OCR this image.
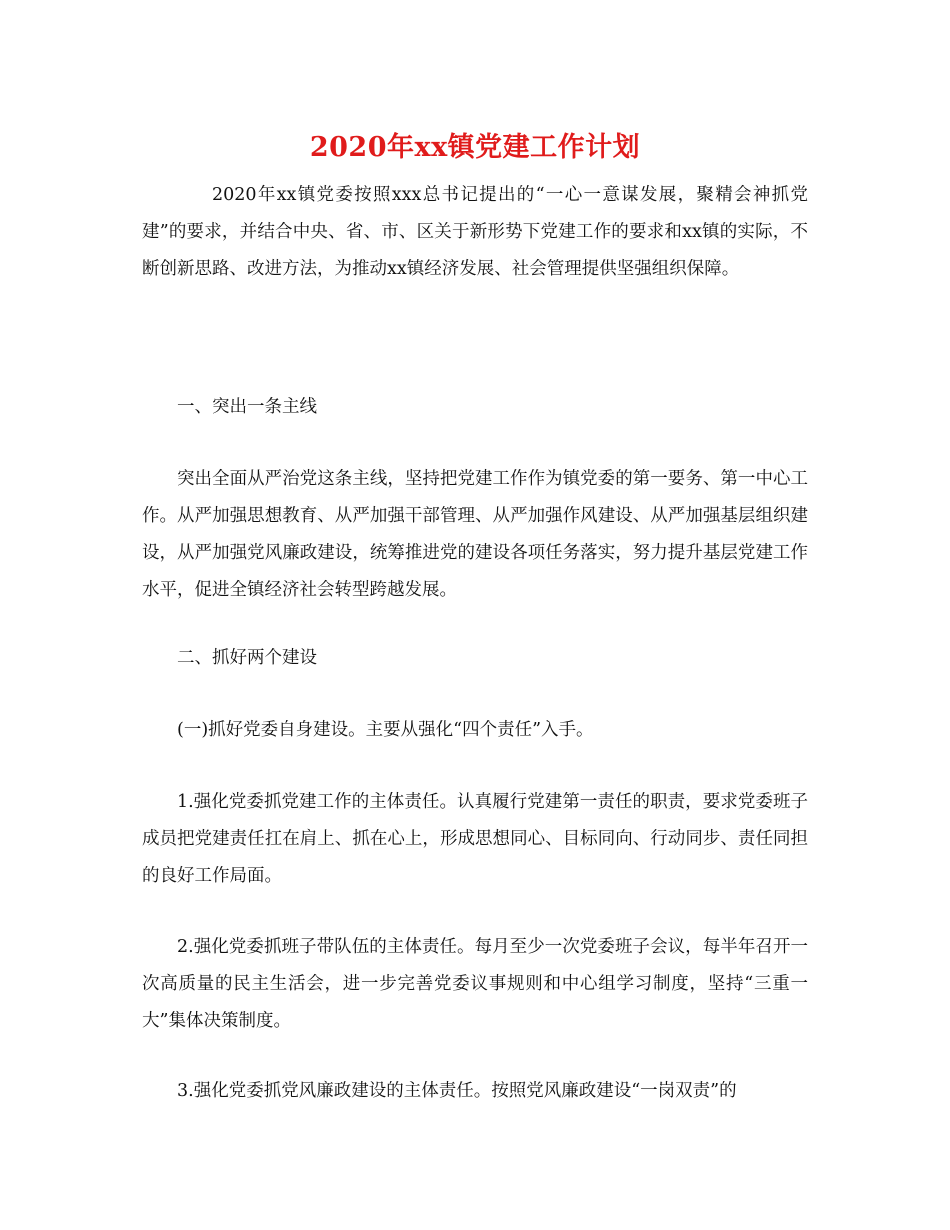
2020年xx镇党建工作计划

2020年xx镇党委按照xxx总书记提出的“一心一意谋发展，聚精会神抓党建”的要求，并结合中央、省、市、区关于新形势下党建工作的要求和xx镇的实际，不断创新思路、改进方法，为推动xx镇经济发展、社会管理提供坚强组织保障。

一、突出一条主线

突出全面从严治党这条主线，坚持把党建工作作为镇党委的第一要务、第一中心工作。从严加强思想教育、从严加强干部管理、从严加强作风建设、从严加强基层组织建设，从严加强党风廉政建设，统筹推进党的建设各项任务落实，努力提升基层党建工作水平，促进全镇经济社会转型跨越发展。

二、抓好两个建设

(一)抓好党委自身建设。主要从强化“四个责任”入手。

1.强化党委抓党建工作的主体责任。认真履行党建第一责任的职责，要求党委班子成员把党建责任扛在肩上、抓在心上，形成思想同心、目标同向、行动同步、责任同担的良好工作局面。

2.强化党委抓班子带队伍的主体责任。每月至少一次党委班子会议，每半年召开一次高质量的民主生活会，进一步完善党委议事规则和中心组学习制度，坚持“三重一大”集体决策制度。

3.强化党委抓党风廉政建设的主体责任。按照党风廉政建设“一岗双责”的
